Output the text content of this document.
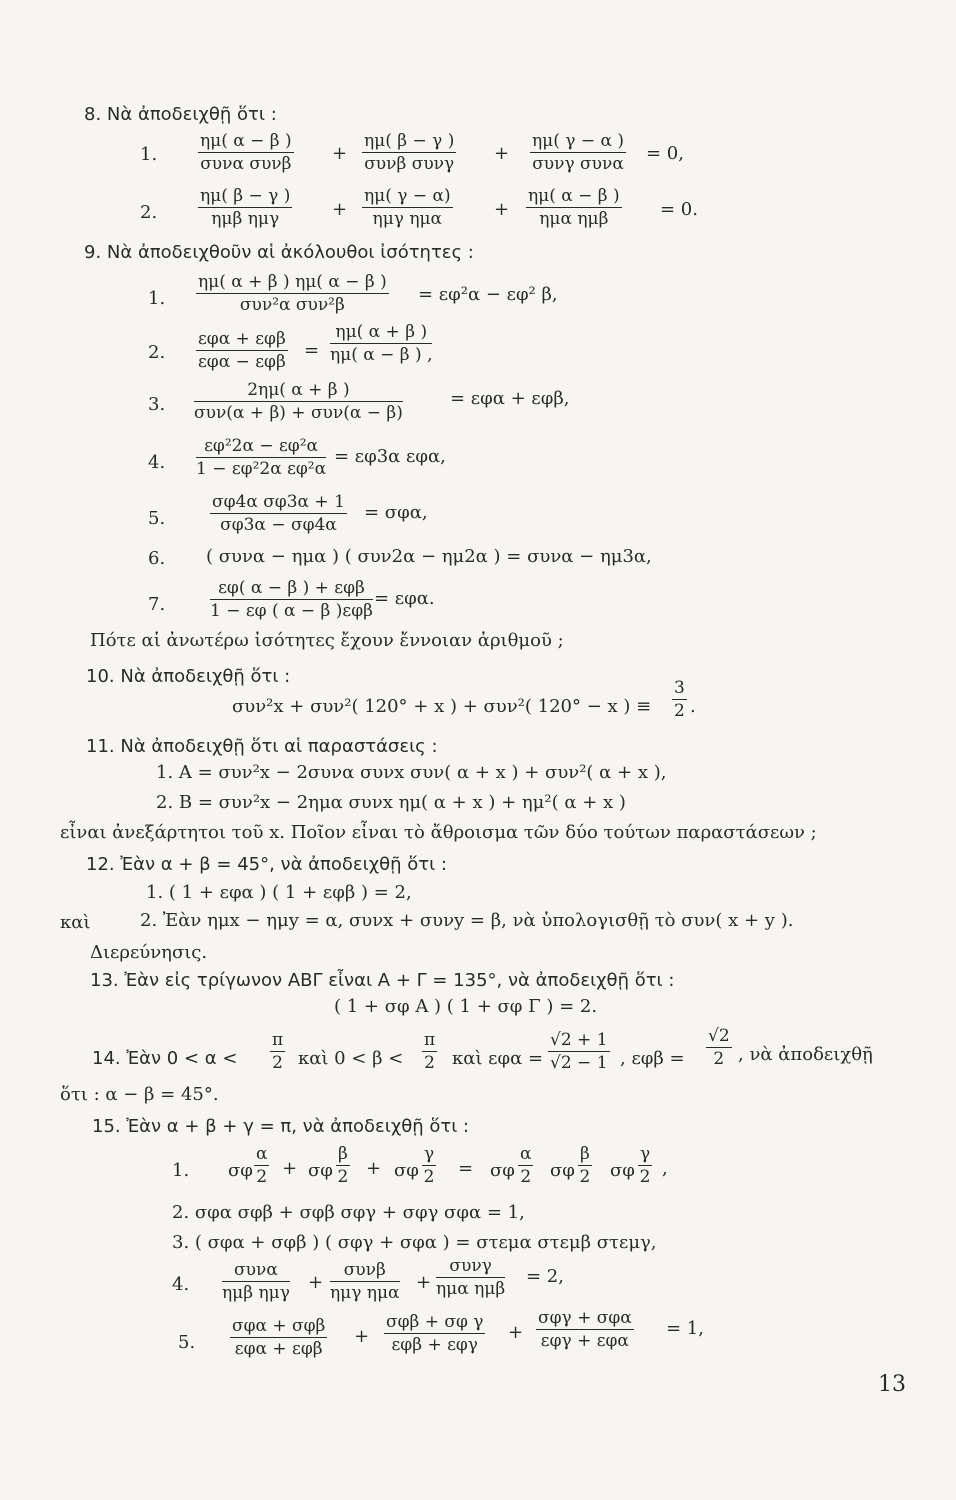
8. Νὰ ἀποδειχθῇ ὅτι :
1.
ημ( α − β )
συνα συνβ +
ημ( β − γ )
συνβ συνγ +
ημ( γ − α )
συνγ συνα = 0,
2.
ημ( β − γ )
ημβ ημγ	+
ημ( γ − α)
ημγ ημα	+
ημ( α − β )
ημα ημβ	= 0.
9. Νὰ ἀποδειχθοῦν αἱ ἀκόλουθοι ἰσότητες :
1.
ημ( α + β ) ημ( α − β )
συν²α συν²β	= εφ²α − εφ² β,
2.
εφα + εφβ
εφα − εφβ
= $\frac{\eta\mu( \alpha + \beta )}{\eta\mu( \alpha - \beta ) ,}$
3.
2ημ( α + β )
συν(α + β) + συν(α − β)
= εφα + εφβ,
4. $\frac{\text{εφ²2α − εφ²α}}{\text{1 − εφ²2α εφ²α}} = \varepsilon\varphi 3\alpha$ εφα,
5.	$\frac{\text{σφ4α σφ3α + 1}}{\sigma\varphi 3\alpha - \sigma\varphi 4\alpha} = \sigma\varphi\alpha$,
6. ( συνα − ημα ) ( συν2α − ημ2α ) = συνα − ημ3α,
7.
εφ( α − β ) + εφβ
1 − εφ ( α − β )εφβ
= εφα.
Πότε αἱ ἀνωτέρω ἰσότητες ἔχουν ἔννοιαν ἀριθμοῦ ;
10. Νὰ ἀποδειχθῇ ὅτι :
συν²x + συν²( 120° + x ) + συν²( 120° − x ) ≡ $\frac{3}{2}$ .
11. Νὰ ἀποδειχθῇ ὅτι αἱ παραστάσεις :
1. A = συν²x − 2συνα συνx συν( α + x ) + συν²( α + x ),
2. B = συν²x − 2ημα συνx ημ( α + x ) + ημ²( α + x )
εἶναι ἀνεξάρτητοι τοῦ x. Ποῖον εἶναι τὸ ἄθροισμα τῶν δύο τούτων παραστάσεων ;
12. Ἐὰν α + β = 45°, νὰ ἀποδειχθῇ ὅτι :
1. ( 1 + εφα ) ( 1 + εφβ ) = 2,
καὶ	2. Ἐὰν ημx − ημy = α, συνx + συνy = β, νὰ ὑπολογισθῇ τὸ συν( x + y ).
Διερεύνησις.
13. Ἐὰν εἰς τρίγωνον ΑΒΓ εἶναι Α + Γ = 135°, νὰ ἀποδειχθῇ ὅτι :
( 1 + σφ Α ) ( 1 + σφ Γ ) = 2.
14. Ἐὰν $0 < \alpha < \frac{\pi}{2}$ καὶ $0 < \beta < \frac{\pi}{2}$ καὶ $\varepsilon\varphi\alpha = \frac{√2 + 1}{√2 - 1}$ , $\varepsilon\varphi\beta = \frac{√2}{2}$ , νὰ ἀποδειχθῇ
ὅτι : α − β = 45°.
15. Ἐὰν α + β + γ = π, νὰ ἀποδειχθῇ ὅτι :
1. σφ $\frac{\alpha}{2} + \sigma\varphi \frac{\beta}{2} + \sigma\varphi \frac{\gamma}{2} = \sigma\varphi \frac{\alpha}{2}$ σφ $\frac{\beta}{2}$ σφ $\frac{\gamma}{2}$ ,
2. σφα σφβ + σφβ σφγ + σφγ σφα = 1,
3. ( σφα + σφβ ) ( σφγ + σφα ) = στεμα στεμβ στεμγ,
4.
συνα
ημβ ημγ +
συνβ
ημγ ημα +
συνγ
ημα ημβ
= 2,
5.
σφα + σφβ
εφα + εφβ
+
σφβ + σφ γ
εφβ + εφγ
+
σφγ + σφα
εφγ + εφα
= 1,
13
